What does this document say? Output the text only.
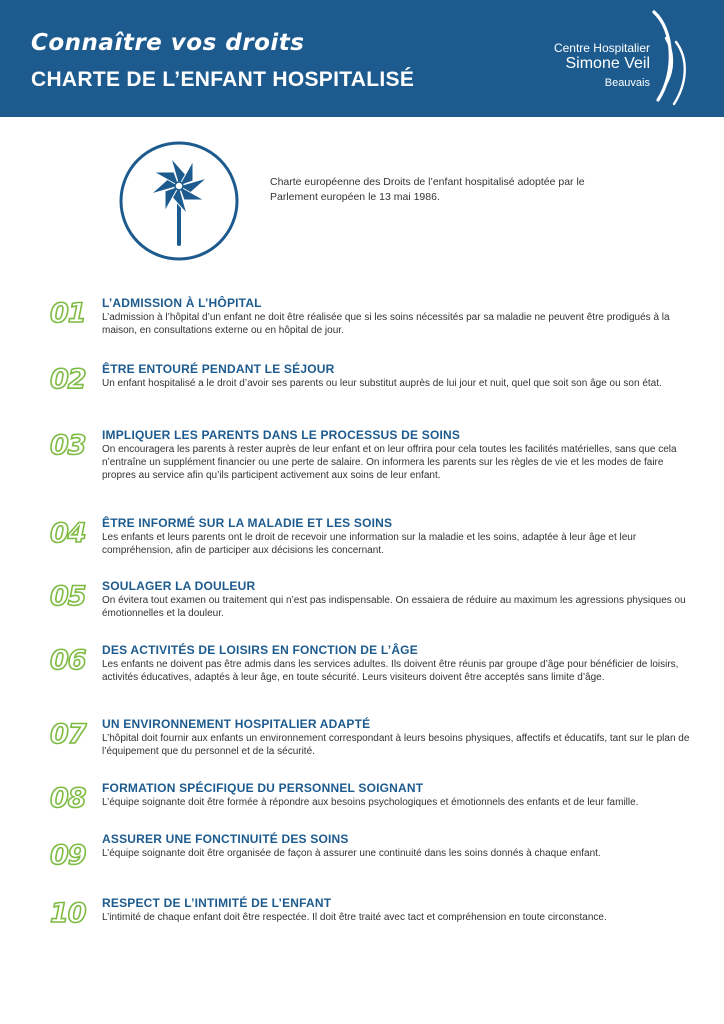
Connaître vos droits
CHARTE DE L’ENFANT HOSPITALISÉ
Centre Hospitalier
Simone Veil
Beauvais
Charte européenne des Droits de l’enfant hospitalisé adoptée par le Parlement européen le 13 mai 1986.
01 L’ADMISSION À L’HÔPITAL
L’admission à l’hôpital d’un enfant ne doit être réalisée que si les soins nécessités par sa maladie ne peuvent être prodigués à la maison, en consultations externe ou en hôpital de jour.
02 ÊTRE ENTOURÉ PENDANT LE SÉJOUR
Un enfant hospitalisé a le droit d’avoir ses parents ou leur substitut auprès de lui jour et nuit, quel que soit son âge ou son état.
03 IMPLIQUER LES PARENTS DANS LE PROCESSUS DE SOINS
On encouragera les parents à rester auprès de leur enfant et on leur offrira pour cela toutes les facilités matérielles, sans que cela n’entraîne un supplément financier ou une perte de salaire. On informera les parents sur les règles de vie et les modes de faire propres au service afin qu’ils participent activement aux soins de leur enfant.
04 ÊTRE INFORMÉ SUR LA MALADIE ET LES SOINS
Les enfants et leurs parents ont le droit de recevoir une information sur la maladie et les soins, adaptée à leur âge et leur compréhension, afin de participer aux décisions les concernant.
05 SOULAGER LA DOULEUR
On évitera tout examen ou traitement qui n’est pas indispensable. On essaiera de réduire au maximum les agressions physiques ou émotionnelles et la douleur.
06 DES ACTIVITÉS DE LOISIRS EN FONCTION DE L’ÂGE
Les enfants ne doivent pas être admis dans les services adultes. Ils doivent être réunis par groupe d’âge pour bénéficier de loisirs, activités éducatives, adaptés à leur âge, en toute sécurité. Leurs visiteurs doivent être acceptés sans limite d’âge.
07 UN ENVIRONNEMENT HOSPITALIER ADAPTÉ
L’hôpital doit fournir aux enfants un environnement correspondant à leurs besoins physiques, affectifs et éducatifs, tant sur le plan de l’équipement que du personnel et de la sécurité.
08 FORMATION SPÉCIFIQUE DU PERSONNEL SOIGNANT
L’équipe soignante doit être formée à répondre aux besoins psychologiques et émotionnels des enfants et de leur famille.
09
ASSURER UNE FONCTINUITÉ DES SOINS
L’équipe soignante doit être organisée de façon à assurer une continuité dans les soins donnés à chaque enfant.
10 RESPECT DE L’INTIMITÉ DE L’ENFANT
L’intimité de chaque enfant doit être respectée. Il doit être traité avec tact et compréhension en toute circonstance.
